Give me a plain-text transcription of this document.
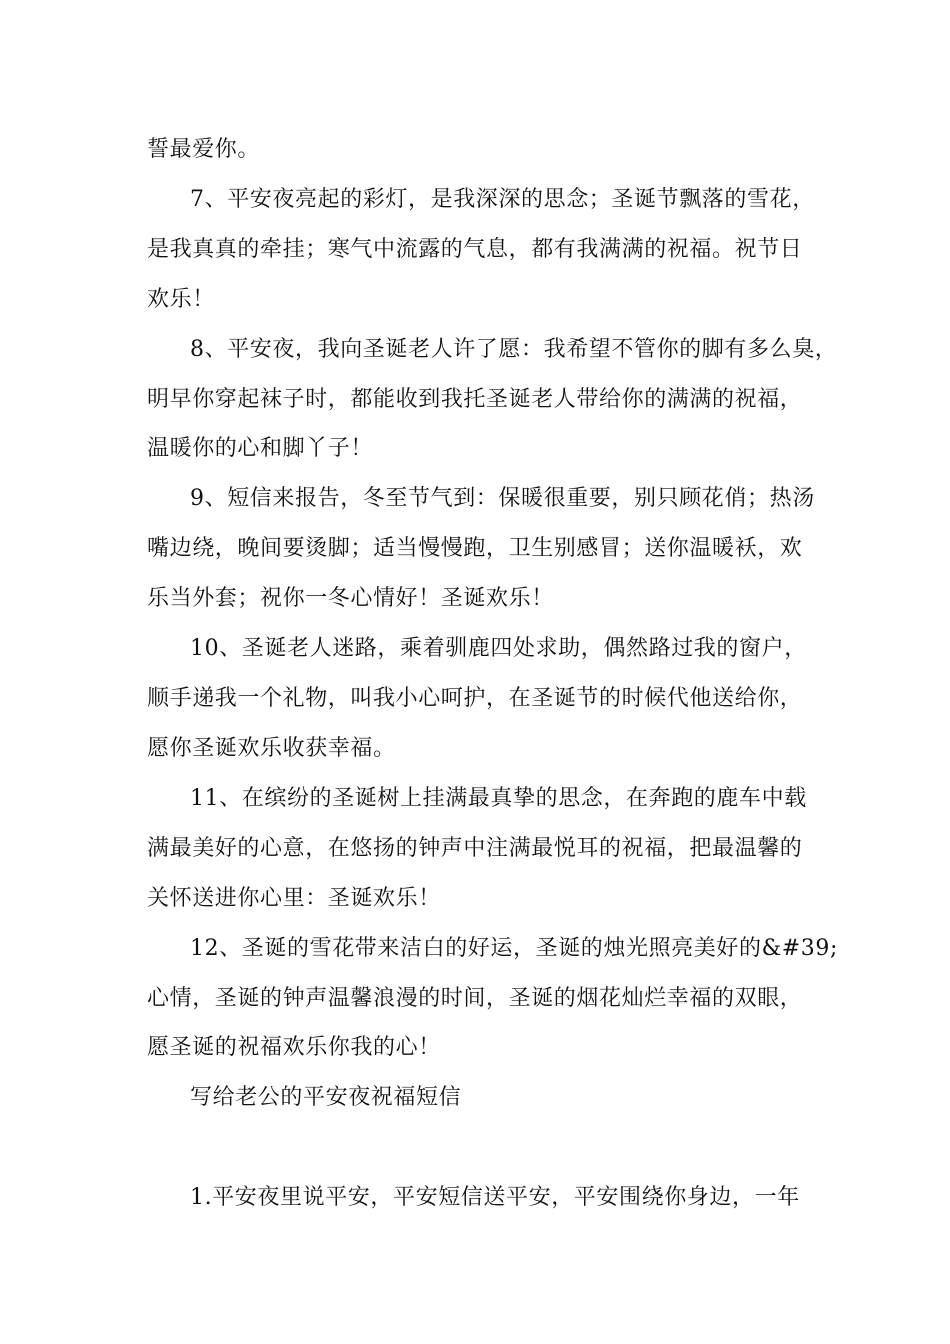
誓最爱你。
7、平安夜亮起的彩灯，是我深深的思念；圣诞节飘落的雪花，
是我真真的牵挂；寒气中流露的气息，都有我满满的祝福。祝节日
欢乐！
8、平安夜，我向圣诞老人许了愿：我希望不管你的脚有多么臭，
明早你穿起袜子时，都能收到我托圣诞老人带给你的满满的祝福，
温暖你的心和脚丫子！
9、短信来报告，冬至节气到：保暖很重要，别只顾花俏；热汤
嘴边绕，晚间要烫脚；适当慢慢跑，卫生别感冒；送你温暖袄，欢
乐当外套；祝你一冬心情好！圣诞欢乐！
10、圣诞老人迷路，乘着驯鹿四处求助，偶然路过我的窗户，
顺手递我一个礼物，叫我小心呵护，在圣诞节的时候代他送给你，
愿你圣诞欢乐收获幸福。
11、在缤纷的圣诞树上挂满最真挚的思念，在奔跑的鹿车中载
满最美好的心意，在悠扬的钟声中注满最悦耳的祝福，把最温馨的
关怀送进你心里：圣诞欢乐！
12、圣诞的雪花带来洁白的好运，圣诞的烛光照亮美好的&#39;
心情，圣诞的钟声温馨浪漫的时间，圣诞的烟花灿烂幸福的双眼，
愿圣诞的祝福欢乐你我的心！
写给老公的平安夜祝福短信
1.平安夜里说平安，平安短信送平安，平安围绕你身边，一年
